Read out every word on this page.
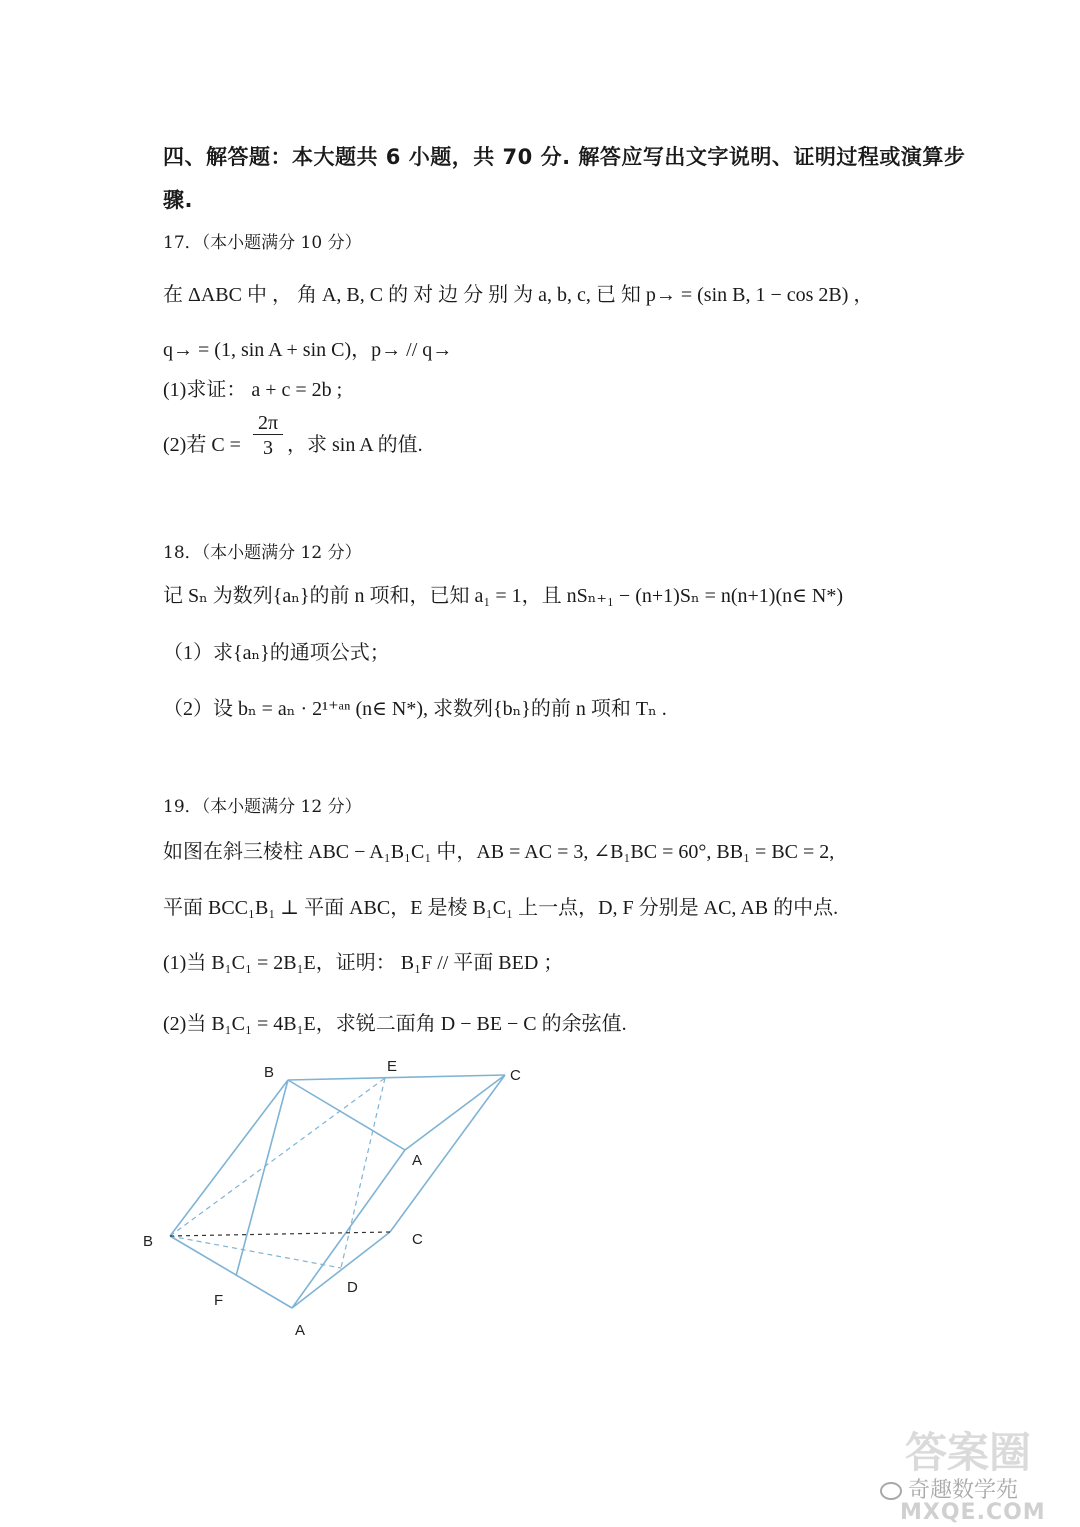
四、解答题：本大题共 6 小题，共 70 分. 解答应写出文字说明、证明过程或演算步
骤.
17．（本小题满分 10 分）
在 ΔABC 中 ， 角 A, B, C 的 对 边 分 别 为 a, b, c, 已 知 p→ = (sin B, 1 − cos 2B) ，
q→ = (1, sin A + sin C)，p→ // q→
(1)求证： a + c = 2b ;
(2)若 $C = \frac{2\pi}{3}$ ，求 sin A 的值.
18．（本小题满分 12 分）
记 Sₙ 为数列{aₙ}的前 n 项和，已知 a₁ = 1，且 nSₙ₊₁ − (n+1)Sₙ = n(n+1)(n∈ N*)
（1）求{aₙ}的通项公式；
（2）设 bₙ = aₙ · 2¹⁺ᵃⁿ (n∈ N*), 求数列{bₙ}的前 n 项和 Tₙ .
19．（本小题满分 12 分）
如图在斜三棱柱 ABC − A₁B₁C₁ 中，AB = AC = 3, ∠B₁BC = 60°, BB₁ = BC = 2,
平面 BCC₁B₁ ⊥ 平面 ABC，E 是棱 B₁C₁ 上一点，D, F 分别是 AC, AB 的中点.
(1)当 B₁C₁ = 2B₁E，证明： B₁F // 平面 BED ；
(2)当 B₁C₁ = 4B₁E，求锐二面角 D − BE − C 的余弦值.
B	E
C
A
B	C
D
F
A
答案圈
奇趣数学苑
MXQE.COM
